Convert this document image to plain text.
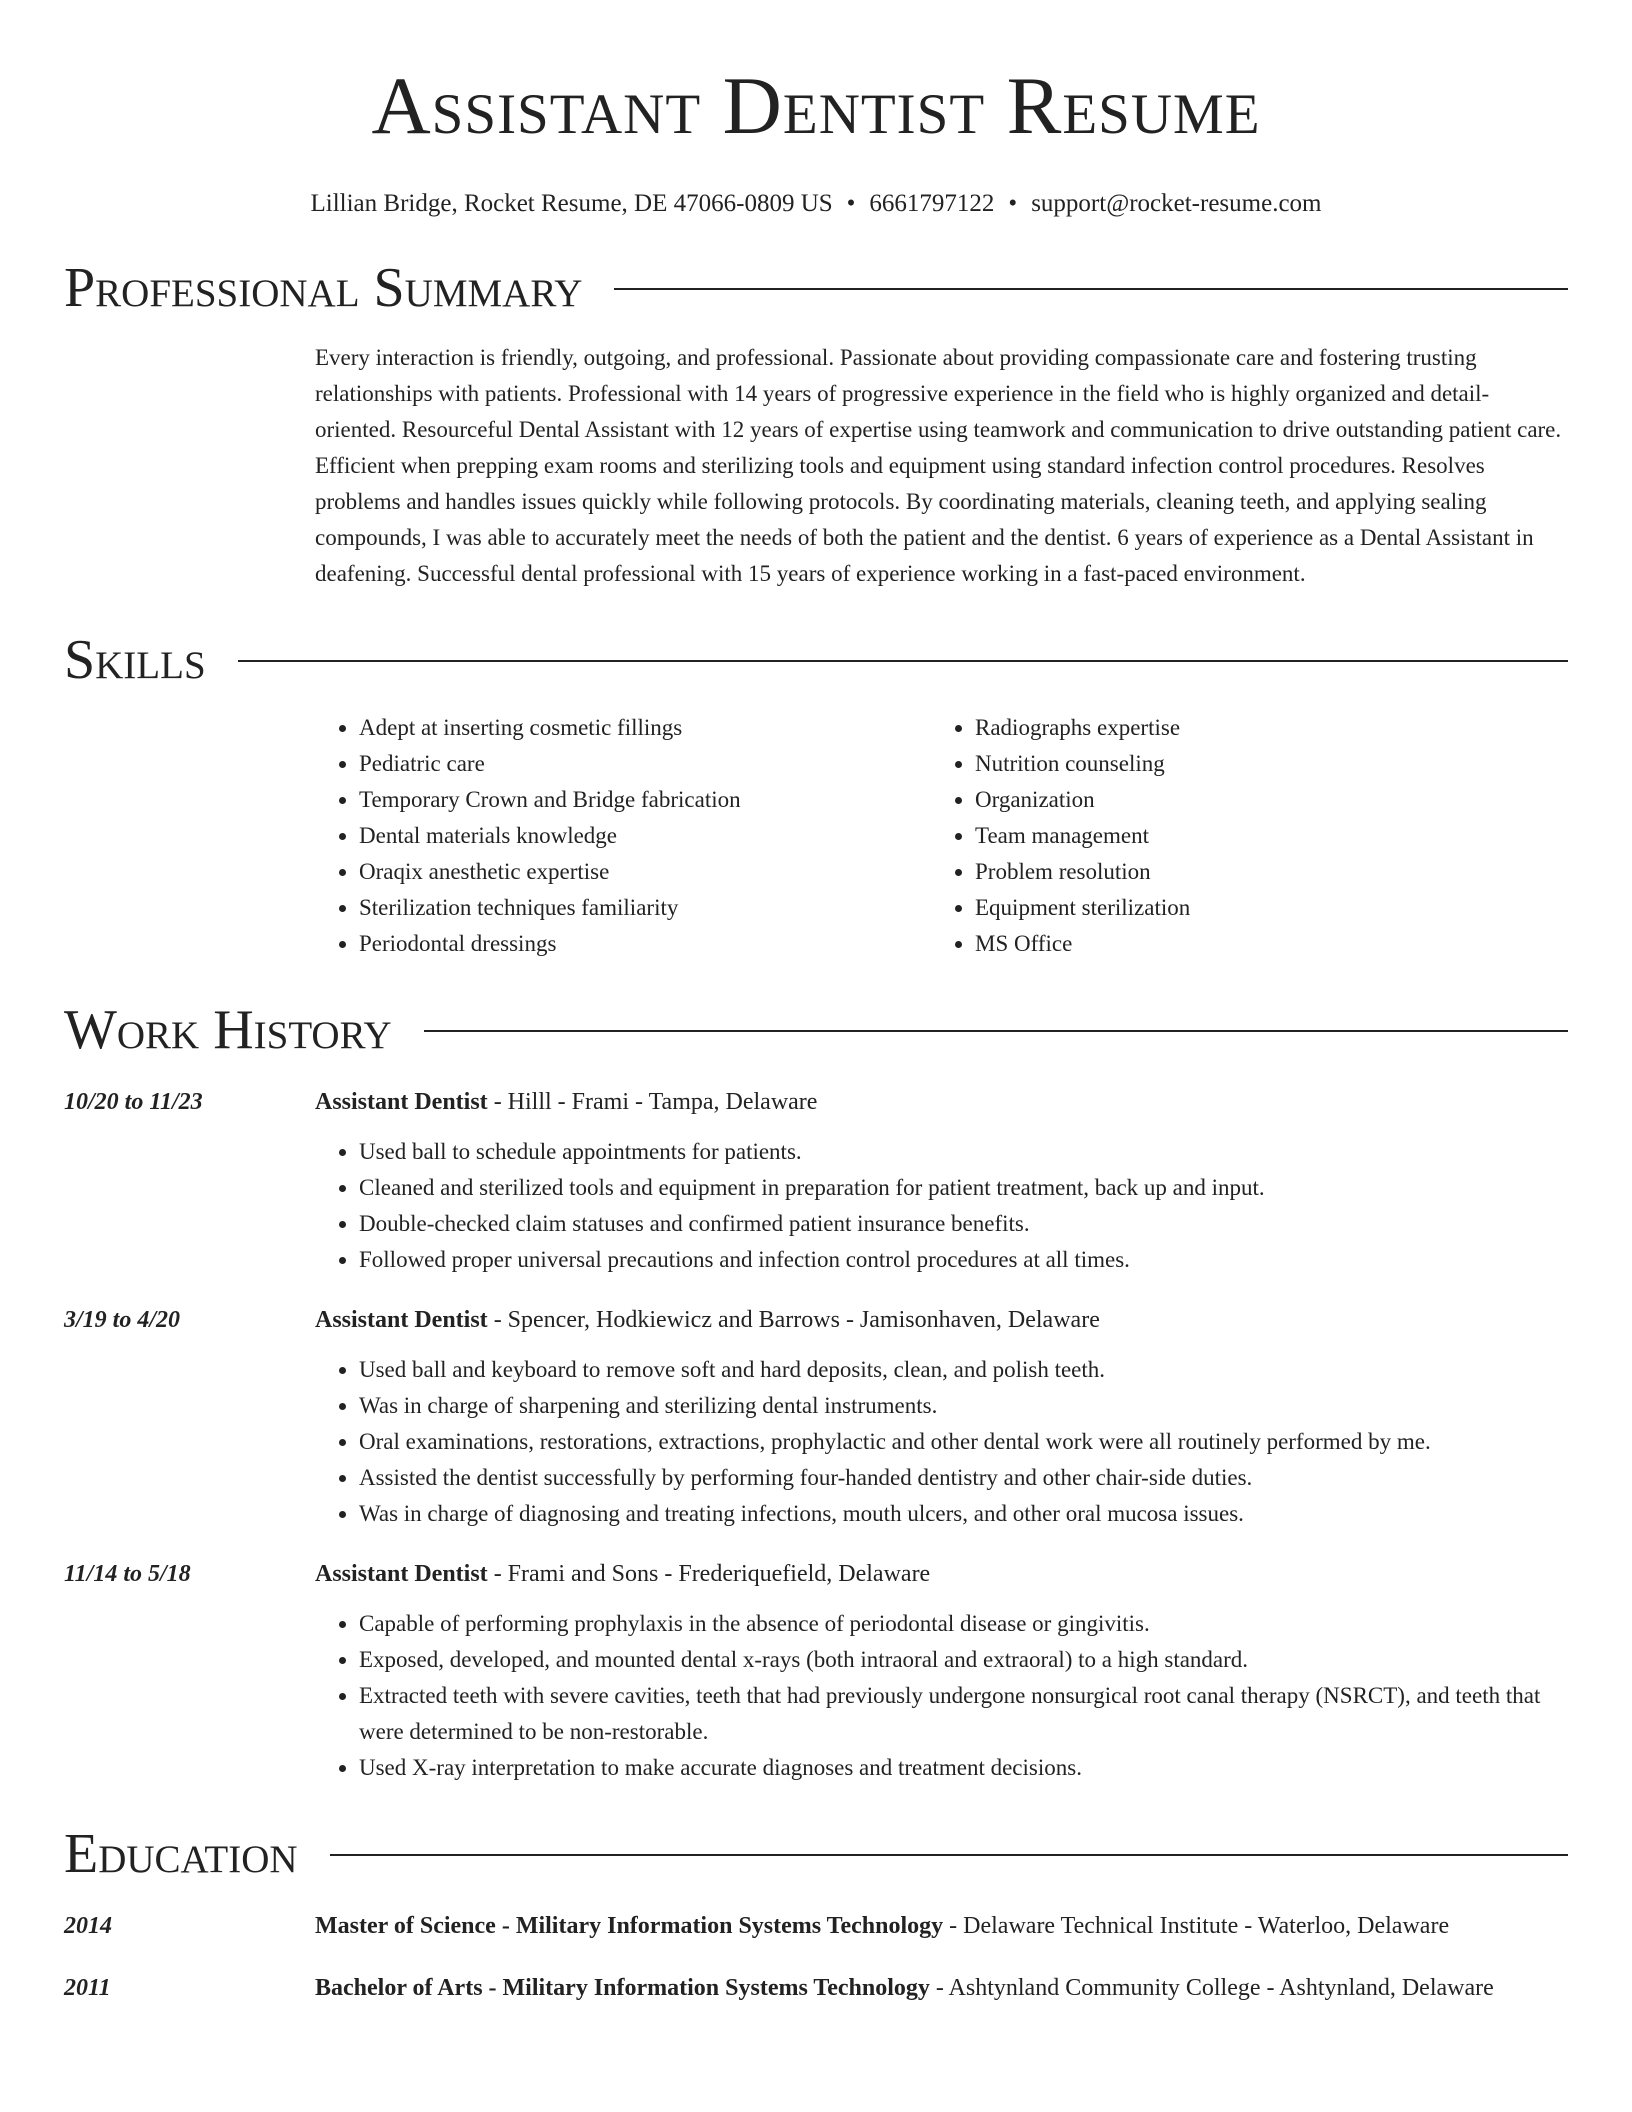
Assistant Dentist Resume
Lillian Bridge, Rocket Resume, DE 47066-0809 US • 6661797122 • support@rocket-resume.com
Professional Summary
Every interaction is friendly, outgoing, and professional. Passionate about providing compassionate care and fostering trusting relationships with patients. Professional with 14 years of progressive experience in the field who is highly organized and detail-oriented. Resourceful Dental Assistant with 12 years of expertise using teamwork and communication to drive outstanding patient care. Efficient when prepping exam rooms and sterilizing tools and equipment using standard infection control procedures. Resolves problems and handles issues quickly while following protocols. By coordinating materials, cleaning teeth, and applying sealing compounds, I was able to accurately meet the needs of both the patient and the dentist. 6 years of experience as a Dental Assistant in deafening. Successful dental professional with 15 years of experience working in a fast-paced environment.
Skills
• Adept at inserting cosmetic fillings
• Pediatric care
• Temporary Crown and Bridge fabrication
• Dental materials knowledge
• Oraqix anesthetic expertise
• Sterilization techniques familiarity
• Periodontal dressings
• Radiographs expertise
• Nutrition counseling
• Organization
• Team management
• Problem resolution
• Equipment sterilization
• MS Office
Work History
10/20 to 11/23	Assistant Dentist - Hilll - Frami - Tampa, Delaware
• Used ball to schedule appointments for patients.
• Cleaned and sterilized tools and equipment in preparation for patient treatment, back up and input.
• Double-checked claim statuses and confirmed patient insurance benefits.
• Followed proper universal precautions and infection control procedures at all times.
3/19 to 4/20	Assistant Dentist - Spencer, Hodkiewicz and Barrows - Jamisonhaven, Delaware
• Used ball and keyboard to remove soft and hard deposits, clean, and polish teeth.
• Was in charge of sharpening and sterilizing dental instruments.
• Oral examinations, restorations, extractions, prophylactic and other dental work were all routinely performed by me.
• Assisted the dentist successfully by performing four-handed dentistry and other chair-side duties.
• Was in charge of diagnosing and treating infections, mouth ulcers, and other oral mucosa issues.
11/14 to 5/18	Assistant Dentist - Frami and Sons - Frederiquefield, Delaware
• Capable of performing prophylaxis in the absence of periodontal disease or gingivitis.
• Exposed, developed, and mounted dental x-rays (both intraoral and extraoral) to a high standard.
• Extracted teeth with severe cavities, teeth that had previously undergone nonsurgical root canal therapy (NSRCT), and teeth that were determined to be non-restorable.
• Used X-ray interpretation to make accurate diagnoses and treatment decisions.
Education
2014	Master of Science - Military Information Systems Technology - Delaware Technical Institute - Waterloo, Delaware
2011	Bachelor of Arts - Military Information Systems Technology - Ashtynland Community College - Ashtynland, Delaware
